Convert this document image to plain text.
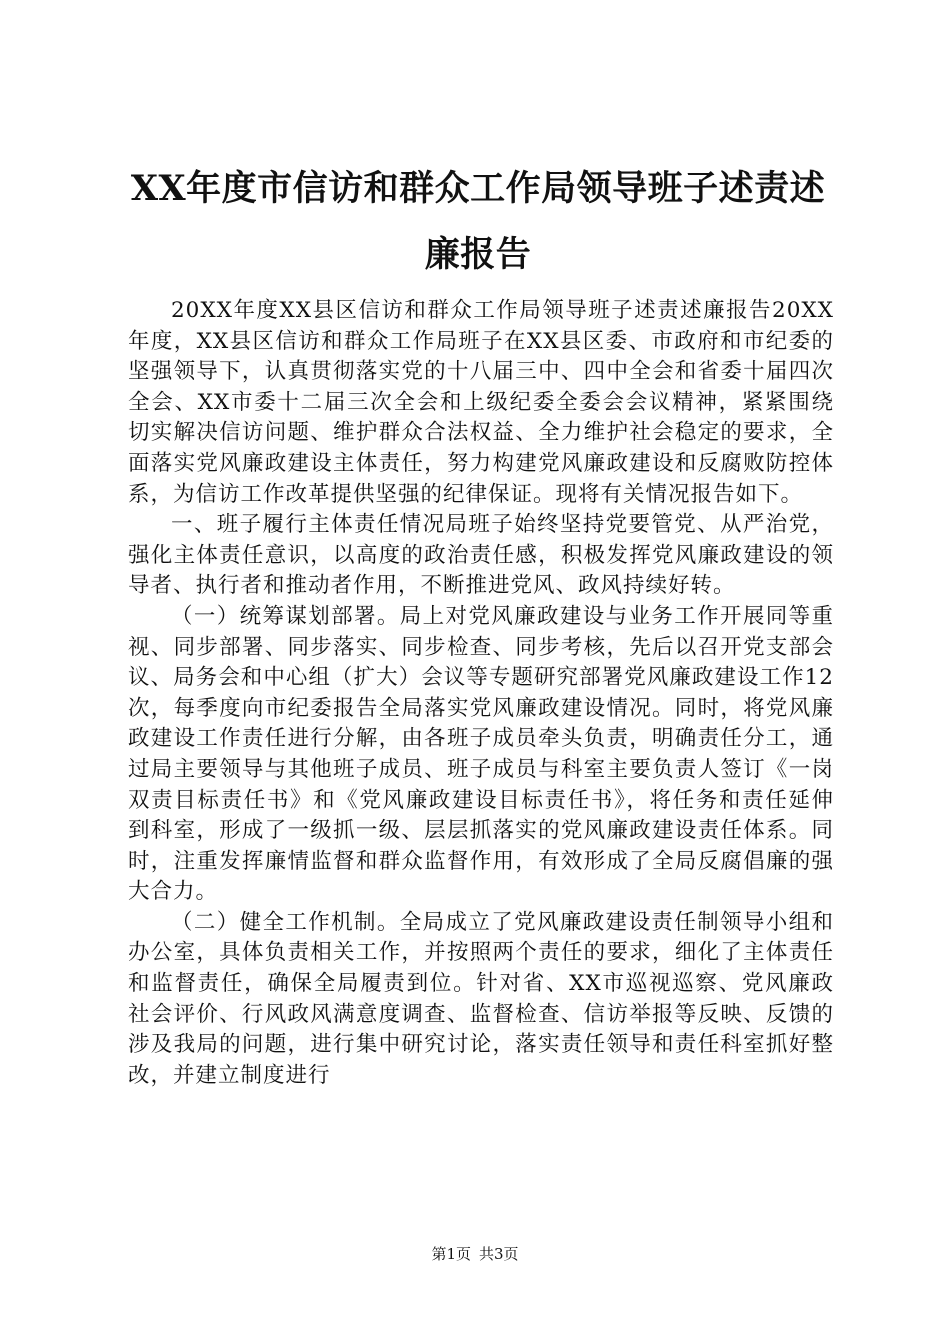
XX年度市信访和群众工作局领导班子述责述廉报告

20XX年度XX县区信访和群众工作局领导班子述责述廉报告20XX年度，XX县区信访和群众工作局班子在XX县区委、市政府和市纪委的坚强领导下，认真贯彻落实党的十八届三中、四中全会和省委十届四次全会、XX市委十二届三次全会和上级纪委全委会会议精神，紧紧围绕切实解决信访问题、维护群众合法权益、全力维护社会稳定的要求，全面落实党风廉政建设主体责任，努力构建党风廉政建设和反腐败防控体系，为信访工作改革提供坚强的纪律保证。现将有关情况报告如下。

一、班子履行主体责任情况局班子始终坚持党要管党、从严治党，强化主体责任意识，以高度的政治责任感，积极发挥党风廉政建设的领导者、执行者和推动者作用，不断推进党风、政风持续好转。

（一）统筹谋划部署。局上对党风廉政建设与业务工作开展同等重视、同步部署、同步落实、同步检查、同步考核，先后以召开党支部会议、局务会和中心组（扩大）会议等专题研究部署党风廉政建设工作12次，每季度向市纪委报告全局落实党风廉政建设情况。同时，将党风廉政建设工作责任进行分解，由各班子成员牵头负责，明确责任分工，通过局主要领导与其他班子成员、班子成员与科室主要负责人签订《一岗双责目标责任书》和《党风廉政建设目标责任书》，将任务和责任延伸到科室，形成了一级抓一级、层层抓落实的党风廉政建设责任体系。同时，注重发挥廉情监督和群众监督作用，有效形成了全局反腐倡廉的强大合力。

（二）健全工作机制。全局成立了党风廉政建设责任制领导小组和办公室，具体负责相关工作，并按照两个责任的要求，细化了主体责任和监督责任，确保全局履责到位。针对省、XX市巡视巡察、党风廉政社会评价、行风政风满意度调查、监督检查、信访举报等反映、反馈的涉及我局的问题，进行集中研究讨论，落实责任领导和责任科室抓好整改，并建立制度进行

第1页 共3页
